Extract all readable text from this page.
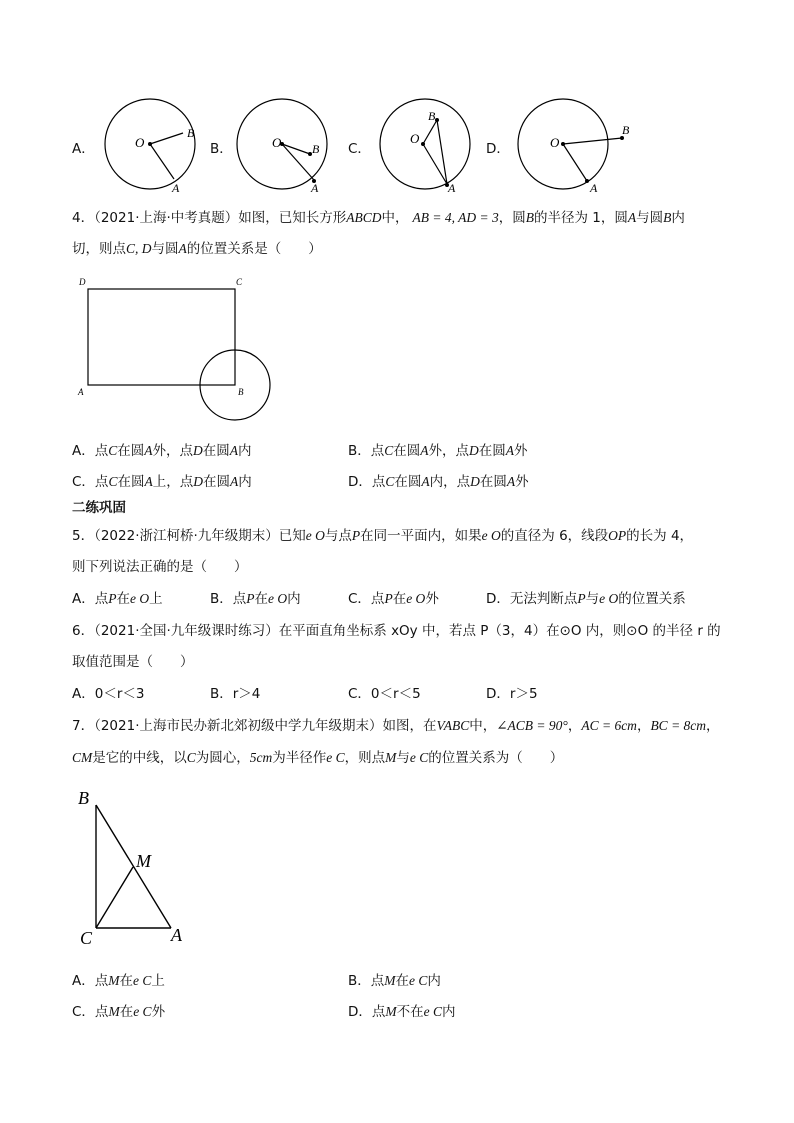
A．	O
B
A
B．	O	B
A
C．
O
B
A
D．	O
B
A
4．（2021·上海·中考真题）如图，已知长方形ABCD中， AB = 4, AD = 3，圆B的半径为 1，圆A与圆B内
切，则点C, D与圆A的位置关系是（　　）
D	C
A	B
A．点C在圆A外，点D在圆A内	B．点C在圆A外，点D在圆A外
C．点C在圆A上，点D在圆A内	D．点C在圆A内，点D在圆A外
二练巩固
5．（2022·浙江柯桥·九年级期末）已知e O与点P在同一平面内，如果e O的直径为 6，线段OP的长为 4，
则下列说法正确的是（　　）
A．点P在e O上	B．点P在e O内	C．点P在e O外	D．无法判断点P与e O的位置关系
6．（2021·全国·九年级课时练习）在平面直角坐标系 xOy 中，若点 P（3，4）在⊙O 内，则⊙O 的半径 r 的
取值范围是（　　）
A．0＜r＜3	B．r＞4	C．0＜r＜5	D．r＞5
7．（2021·上海市民办新北郊初级中学九年级期末）如图，在VABC中，∠ACB = 90°，AC = 6cm，BC = 8cm，
CM是它的中线，以C为圆心，5cm为半径作e C，则点M与e C的位置关系为（　　）
B
M
C	A
A．点M在e C上	B．点M在e C内
C．点M在e C外	D．点M不在e C内
